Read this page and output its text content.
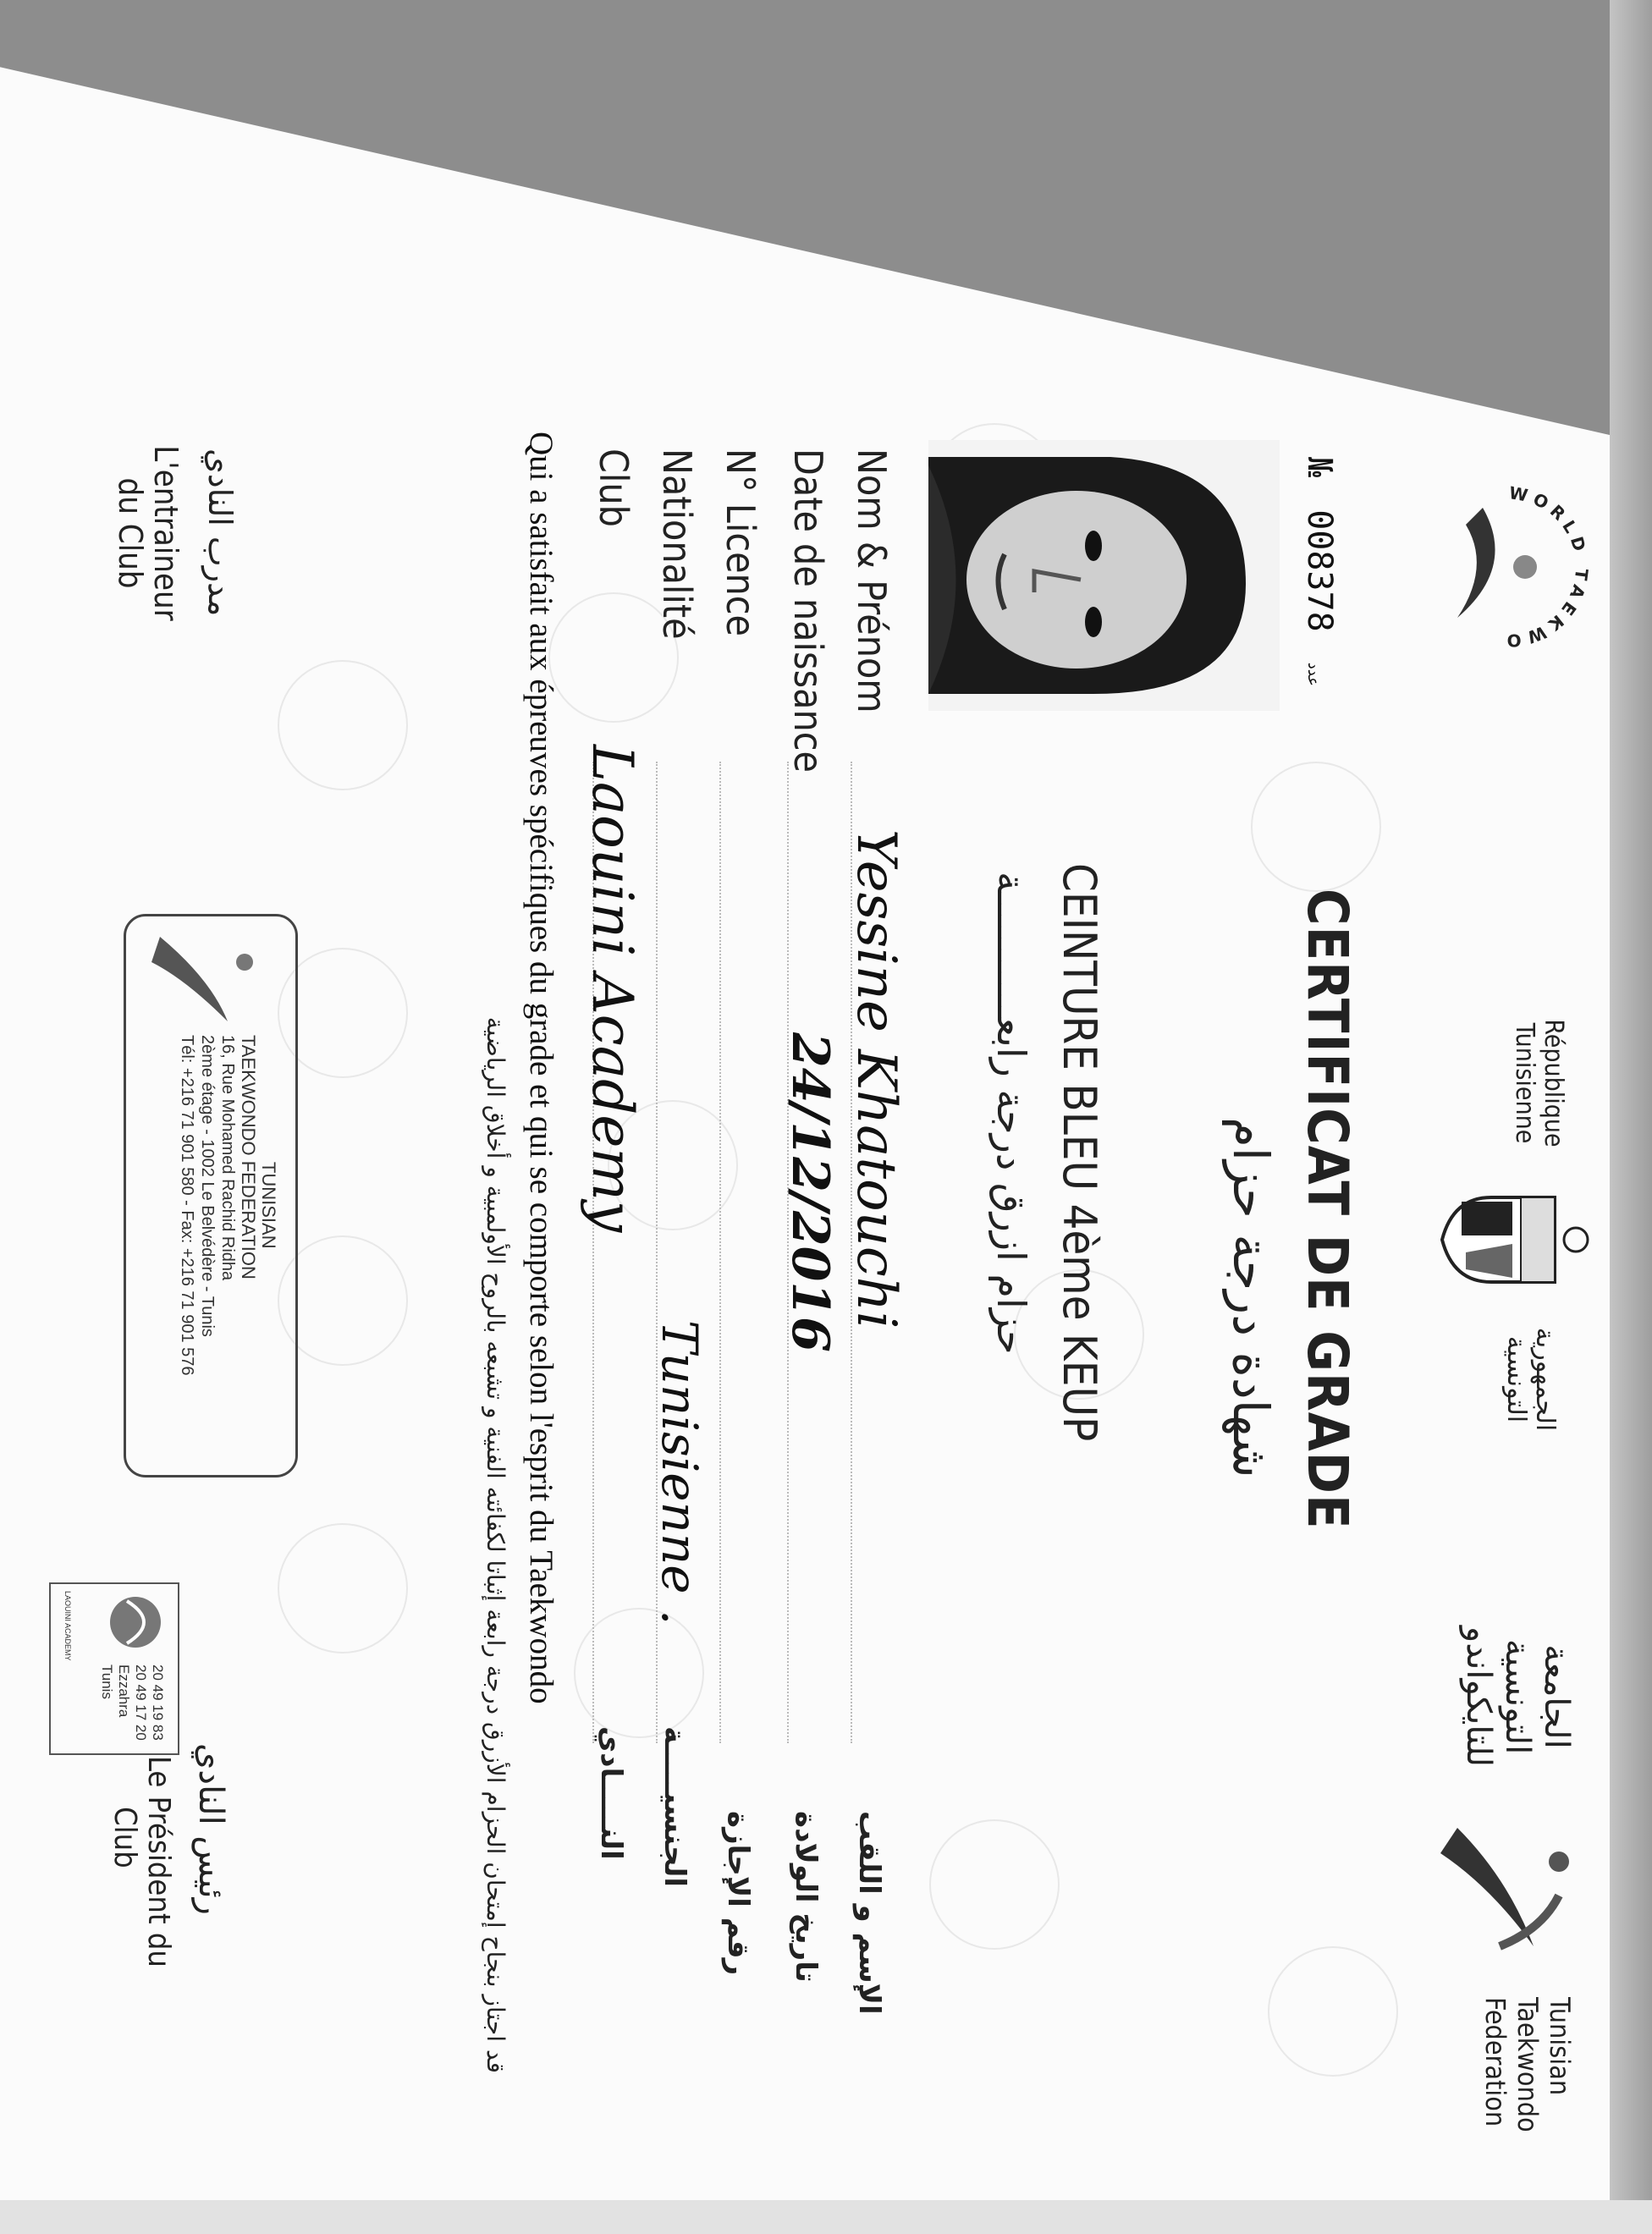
WORLD TAEKWO
République
Tunisienne
الجمهورية
التونسية
الجامعة
التونسية
للتايكواندو
Tunisian
Taekwondo
Federation
№ 008378 عدد
CERTIFICAT DE GRADE
شهادة درجة حزام
CEINTURE BLEU 4ème KEUP
حزام ازرق درجة رابعـــــــــــة
Nom & Prénom
Date de naissance
N° Licence
Nationalité
Club
Yessine Khatouchi
24/12/2016
Tunisienne .
Laouini Academy
الإسم و اللقب
تاريخ الولادة
رقم الإجازة
الجنسيـــــة
النـــــادي
Qui a satisfait aux épreuves spécifiques du grade et qui se comporte selon l'esprit du Taekwondo
قد اجتاز بنجاح إمتحان الحزام الأزرق درجة رابعة إثباتا لكفائته الفنية و تشبعه بالروح الأولمبية و أخلاق الرياضية
مدرب النادي
L'entraineur
du Club
TUNISIAN
TAEKWONDO FEDERATION
16, Rue Mohamed Rachid Ridha
2ème étage - 1002 Le Belvédère - Tunis
Tél: +216 71 901 580 - Fax: +216 71 901 576
LAOUINI ACADEMY
20 49 19 83
20 49 17 20
Ezzahra Tunis
رئيس النادي
Le Président du
Club
